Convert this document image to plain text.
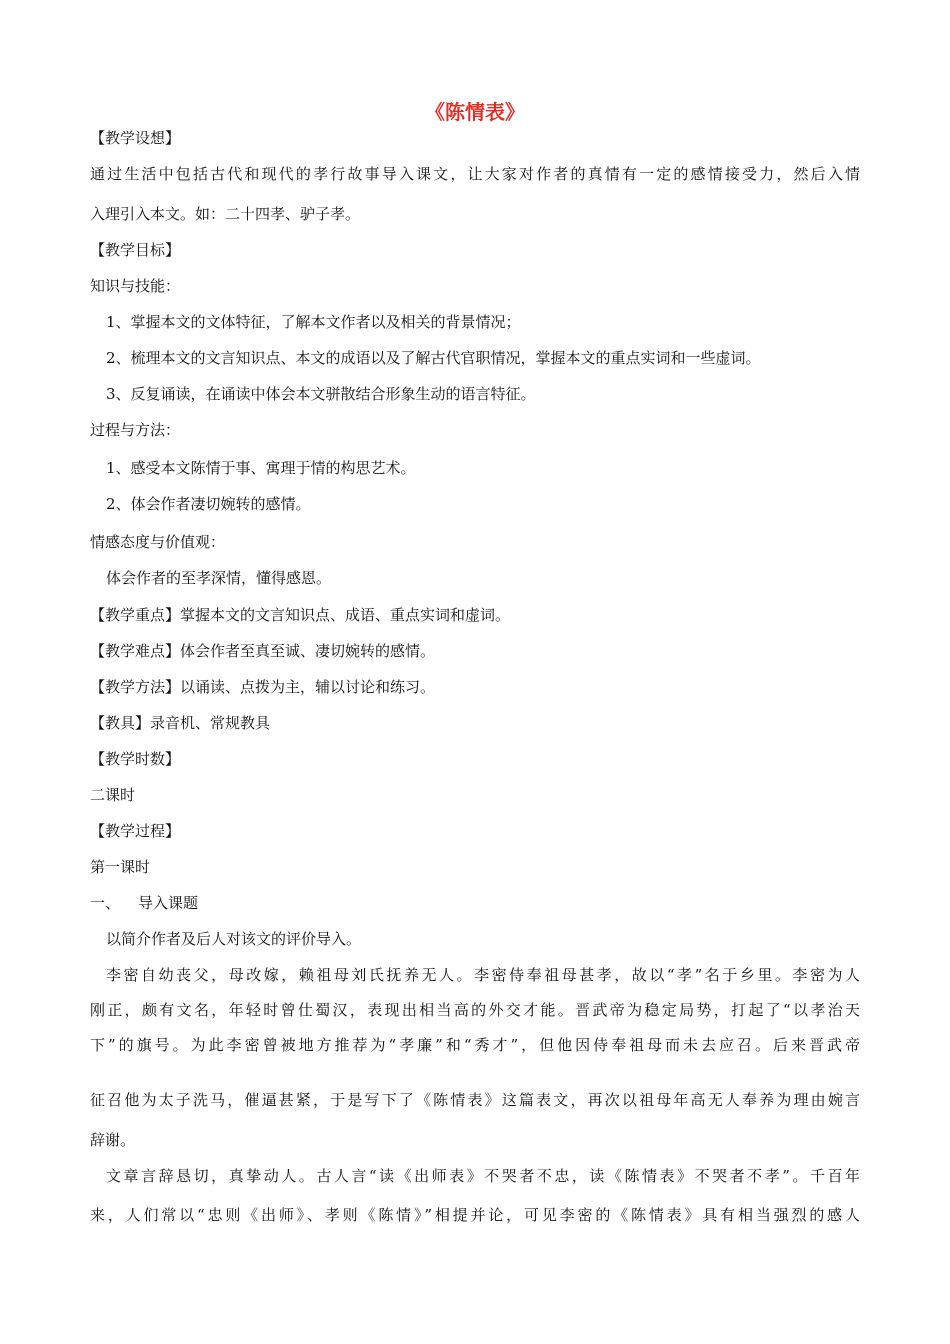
《陈情表》

【教学设想】

通过生活中包括古代和现代的孝行故事导入课文，让大家对作者的真情有一定的感情接受力，然后入情

入理引入本文。如：二十四孝、驴子孝。

【教学目标】

知识与技能：

1、掌握本文的文体特征，了解本文作者以及相关的背景情况；

2、梳理本文的文言知识点、本文的成语以及了解古代官职情况，掌握本文的重点实词和一些虚词。

3、反复诵读，在诵读中体会本文骈散结合形象生动的语言特征。

过程与方法：

1、感受本文陈情于事、寓理于情的构思艺术。

2、体会作者凄切婉转的感情。

情感态度与价值观：

体会作者的至孝深情，懂得感恩。

【教学重点】掌握本文的文言知识点、成语、重点实词和虚词。

【教学难点】体会作者至真至诚、凄切婉转的感情。

【教学方法】以诵读、点拨为主，辅以讨论和练习。

【教具】录音机、常规教具

【教学时数】

二课时

【教学过程】

第一课时

一、 导入课题

以简介作者及后人对该文的评价导入。

李密自幼丧父，母改嫁，赖祖母刘氏抚养无人。李密侍奉祖母甚孝，故以“孝”名于乡里。李密为人

刚正，颇有文名，年轻时曾仕蜀汉，表现出相当高的外交才能。晋武帝为稳定局势，打起了“以孝治天

下”的旗号。为此李密曾被地方推荐为“孝廉”和“秀才”，但他因侍奉祖母而未去应召。后来晋武帝

征召他为太子洗马，催逼甚紧，于是写下了《陈情表》这篇表文，再次以祖母年高无人奉养为理由婉言

辞谢。

文章言辞恳切，真挚动人。古人言“读《出师表》不哭者不忠，读《陈情表》不哭者不孝”。千百年

来，人们常以“忠则《出师》、孝则《陈情》”相提并论，可见李密的《陈情表》具有相当强烈的感人
